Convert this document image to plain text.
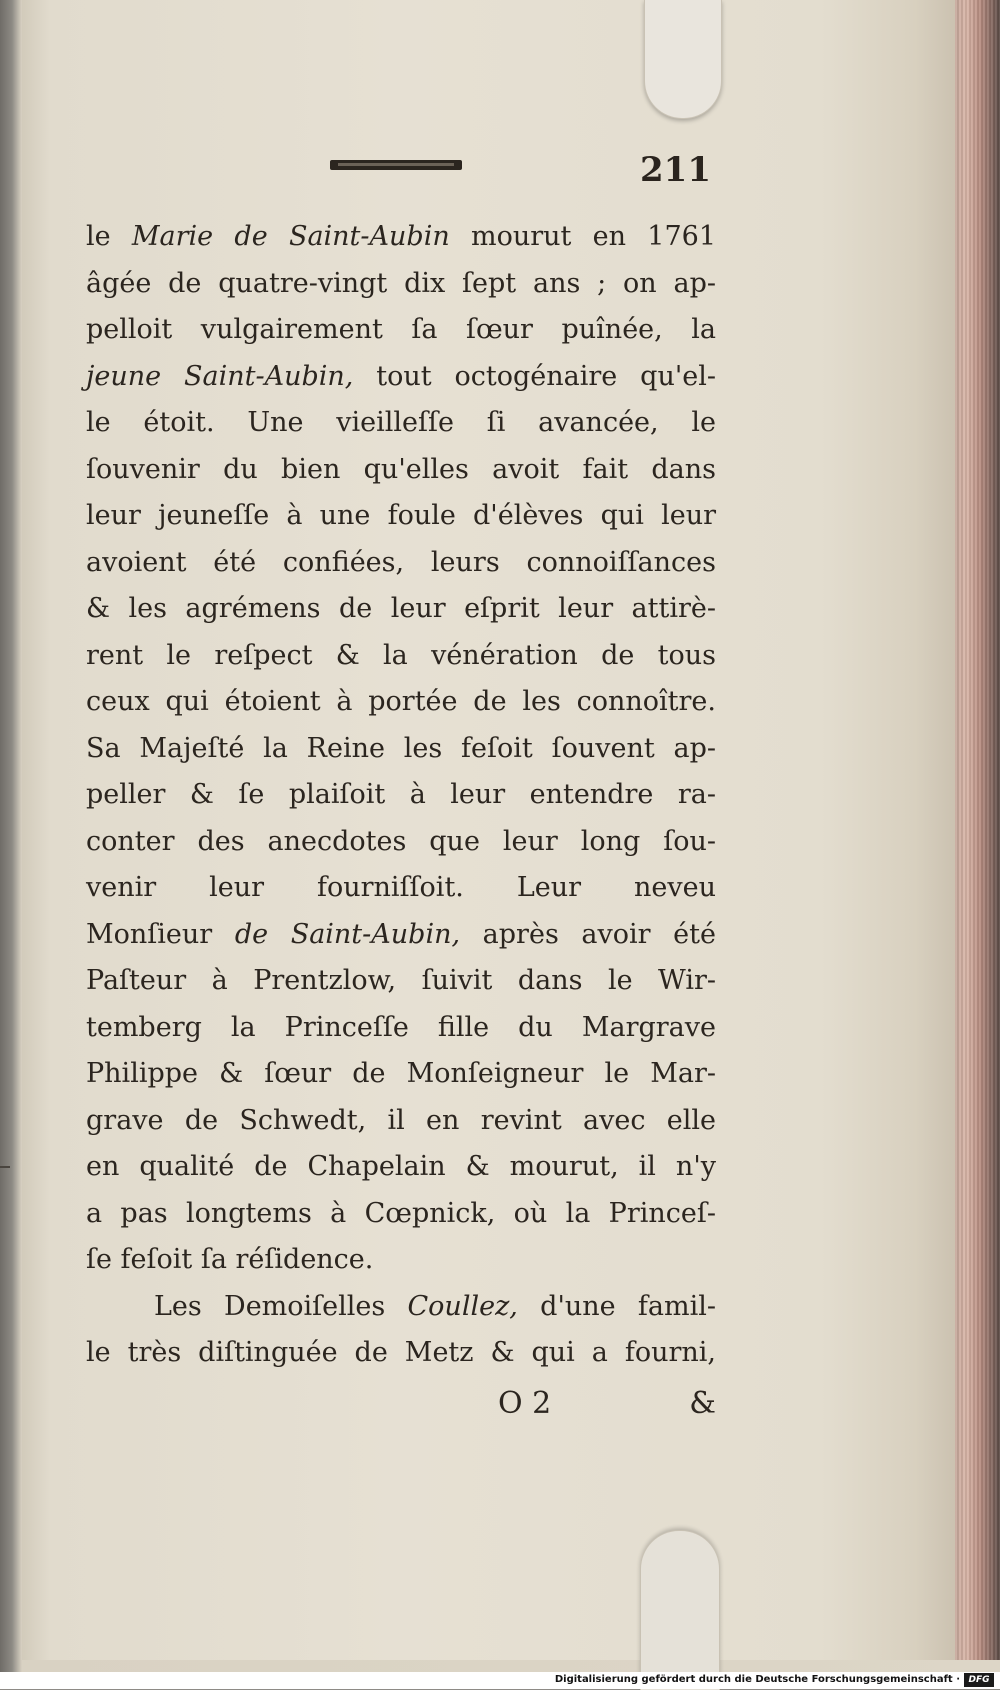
211
le Marie de Saint-Aubin mourut en 1761
âgée de quatre-vingt dix ſept ans ; on ap-
pelloit vulgairement ſa ſœur puînée, la
jeune Saint-Aubin, tout octogénaire qu'el-
le étoit. Une vieilleſſe ſi avancée, le
ſouvenir du bien qu'elles avoit fait dans
leur jeuneſſe à une foule d'élèves qui leur
avoient été confiées, leurs connoiſſances
& les agrémens de leur eſprit leur attirè-
rent le reſpect & la vénération de tous
ceux qui étoient à portée de les connoître.
Sa Majeſté la Reine les feſoit ſouvent ap-
peller & ſe plaiſoit à leur entendre ra-
conter des anecdotes que leur long ſou-
venir leur fourniſſoit. Leur neveu
Monſieur de Saint-Aubin, après avoir été
Paſteur à Prentzlow, ſuivit dans le Wir-
temberg la Princeſſe fille du Margrave
Philippe & ſœur de Monſeigneur le Mar-
grave de Schwedt, il en revint avec elle
en qualité de Chapelain & mourut, il n'y
a pas longtems à Cœpnick, où la Princeſ-
ſe feſoit ſa réſidence.
Les Demoiſelles Coullez, d'une famil-
le très diſtinguée de Metz & qui a fourni,
O 2	&
Digitalisierung gefördert durch die Deutsche Forschungsgemeinschaft · DFG
